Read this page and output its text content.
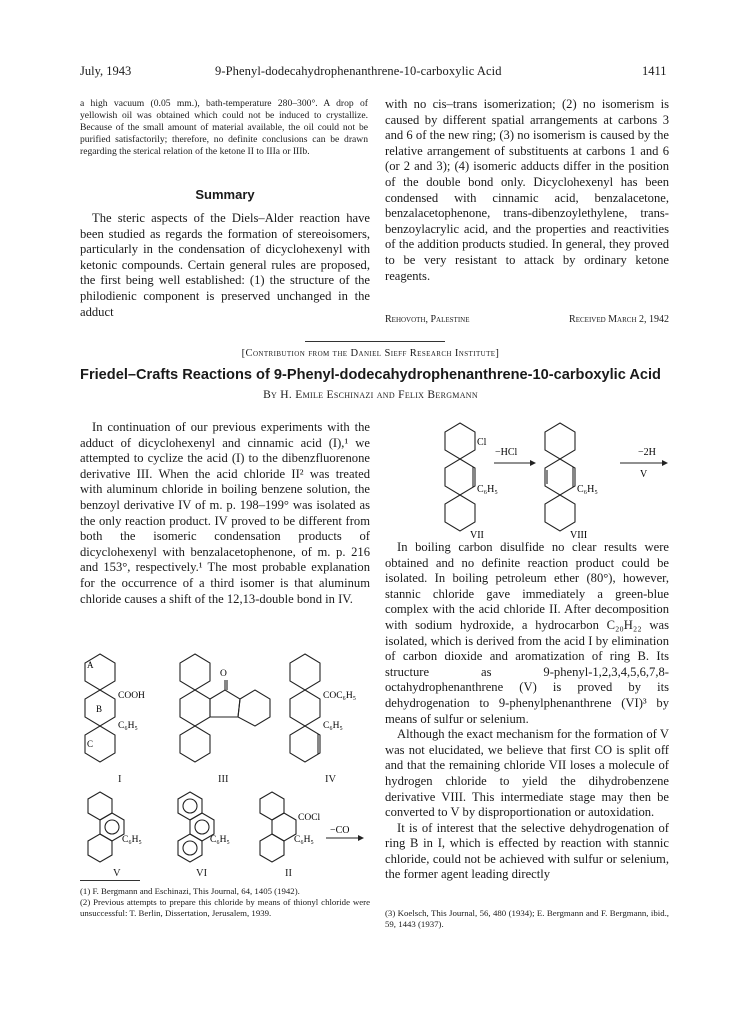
July, 1943	9-Phenyl-dodecahydrophenanthrene-10-carboxylic Acid	1411
a high vacuum (0.05 mm.), bath-temperature 280–300°. A drop of yellowish oil was obtained which could not be induced to crystallize. Because of the small amount of material available, the oil could not be purified satisfactorily; therefore, no definite conclusions can be drawn regarding the sterical relation of the ketone II to IIIa or IIIb.
Summary
The steric aspects of the Diels–Alder reaction have been studied as regards the formation of stereoisomers, particularly in the condensation of dicyclohexenyl with ketonic compounds. Certain general rules are proposed, the first being well established: (1) the structure of the philodienic component is preserved unchanged in the adduct
with no cis–trans isomerization; (2) no isomerism is caused by different spatial arrangements at carbons 3 and 6 of the new ring; (3) no isomerism is caused by the relative arrangement of substituents at carbons 1 and 6 (or 2 and 3); (4) isomeric adducts differ in the position of the double bond only. Dicyclohexenyl has been condensed with cinnamic acid, benzalacetone, benzalacetophenone, trans-dibenzoylethylene, trans-benzoylacrylic acid, and the properties and reactivities of the addition products studied. In general, they proved to be very resistant to attack by ordinary ketone reagents.
Rehovoth, Palestine	Received March 2, 1942
[Contribution from the Daniel Sieff Research Institute]
Friedel–Crafts Reactions of 9-Phenyl-dodecahydrophenanthrene-10-carboxylic Acid
By H. Emile Eschinazi and Felix Bergmann
In continuation of our previous experiments with the adduct of dicyclohexenyl and cinnamic acid (I),¹ we attempted to cyclize the acid (I) to the dibenzfluorenone derivative III. When the acid chloride II² was treated with aluminum chloride in boiling benzene solution, the benzoyl derivative IV of m. p. 198–199° was isolated as the only reaction product. IV proved to be different from both the isomeric condensation products of dicyclohexenyl with benzalacetophenone, of m. p. 216 and 153°, respectively.¹ The most probable explanation for the occurrence of a third isomer is that aluminum chloride causes a shift of the 12,13-double bond in IV.
Cl
C₆H₅
−HCl
C₆H₅
−2H
V
VII	VIII
In boiling carbon disulfide no clear results were obtained and no definite reaction product could be isolated. In boiling petroleum ether (80°), however, stannic chloride gave immediately a green-blue complex with the acid chloride II. After decomposition with sodium hydroxide, a hydrocarbon C₂₀H₂₂ was isolated, which is derived from the acid I by elimination of carbon dioxide and aromatization of ring B. Its structure as 9-phenyl-1,2,3,4,5,6,7,8-octahydrophenanthrene (V) is proved by its dehydrogenation to 9-phenylphenanthrene (VI)³ by means of sulfur or selenium.
Although the exact mechanism for the formation of V was not elucidated, we believe that first CO is split off and that the remaining chloride VII loses a molecule of hydrogen chloride to yield the dihydrobenzene derivative VIII. This intermediate stage may then be converted to V by disproportionation or autoxidation.
It is of interest that the selective dehydrogenation of ring B in I, which is effected by reaction with stannic chloride, could not be achieved with sulfur or selenium, the former agent leading directly
A
B
C
COOH
C₆H₅
O
COC₆H₅
C₆H₅
I	III	IV
C₆H₅	C₆H₅
COCl
C₆H₅
−CO
V	VI	II
(1) F. Bergmann and Eschinazi, This Journal, 64, 1405 (1942).
(2) Previous attempts to prepare this chloride by means of thionyl chloride were unsuccessful: T. Berlin, Dissertation, Jerusalem, 1939.	(3) Koelsch, This Journal, 56, 480 (1934); E. Bergmann and F. Bergmann, ibid., 59, 1443 (1937).
